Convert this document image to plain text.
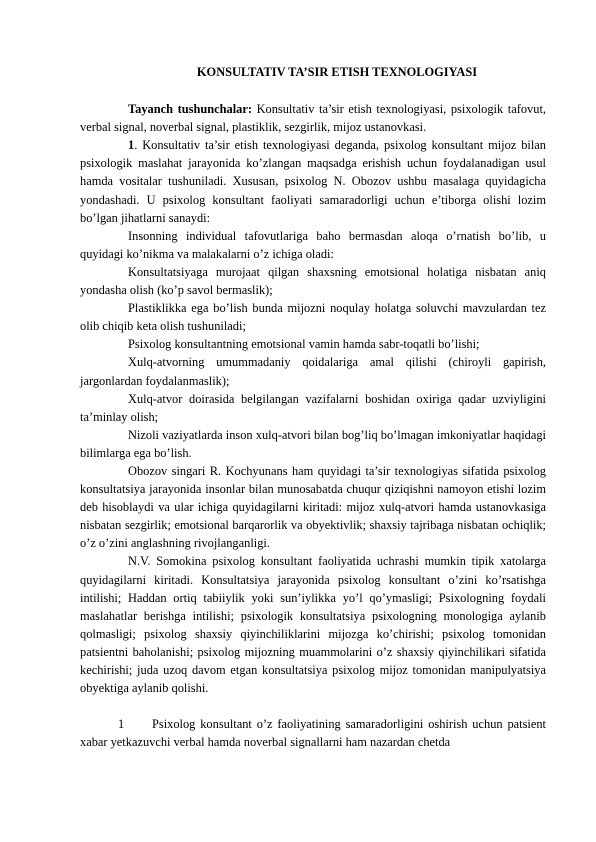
KONSULTATIV TA’SIR ETISH TEXNOLOGIYASI

Tayanch tushunchalar: Konsultativ ta’sir etish texnologiyasi, psixologik tafovut, verbal signal, noverbal signal, plastiklik, sezgirlik, mijoz ustanovkasi.

1. Konsultativ ta’sir etish texnologiyasi deganda, psixolog konsultant mijoz bilan psixologik maslahat jarayonida ko’zlangan maqsadga erishish uchun foydalanadigan usul hamda vositalar tushuniladi. Xususan, psixolog N. Obozov ushbu masalaga quyidagicha yondashadi. U psixolog konsultant faoliyati samaradorligi uchun e’tiborga olishi lozim bo’lgan jihatlarni sanaydi:

Insonning individual tafovutlariga baho bermasdan aloqa o’rnatish bo’lib, u quyidagi ko’nikma va malakalarni o’z ichiga oladi:

Konsultatsiyaga murojaat qilgan shaxsning emotsional holatiga nisbatan aniq yondasha olish (ko’p savol bermaslik);

Plastiklikka ega bo’lish bunda mijozni noqulay holatga soluvchi mavzulardan tez olib chiqib keta olish tushuniladi;

Psixolog konsultantning emotsional vamin hamda sabr-toqatli bo’lishi;

Xulq-atvorning umummadaniy qoidalariga amal qilishi (chiroyli gapirish, jargonlardan foydalanmaslik);

Xulq-atvor doirasida belgilangan vazifalarni boshidan oxiriga qadar uzviyligini ta’minlay olish;

Nizoli vaziyatlarda inson xulq-atvori bilan bog’liq bo’lmagan imkoniyatlar haqidagi bilimlarga ega bo’lish.

Obozov singari R. Kochyunans ham quyidagi ta’sir texnologiyas sifatida psixolog konsultatsiya jarayonida insonlar bilan munosabatda chuqur qiziqishni namoyon etishi lozim deb hisoblaydi va ular ichiga quyidagilarni kiritadi: mijoz xulq-atvori hamda ustanovkasiga nisbatan sezgirlik; emotsional barqarorlik va obyektivlik; shaxsiy tajribaga nisbatan ochiqlik; o’z o’zini anglashning rivojlanganligi.

N.V. Somokina psixolog konsultant faoliyatida uchrashi mumkin tipik xatolarga quyidagilarni kiritadi. Konsultatsiya jarayonida psixolog konsultant o’zini ko’rsatishga intilishi; Haddan ortiq tabiiylik yoki sun’iylikka yo’l qo’ymasligi; Psixologning foydali maslahatlar berishga intilishi; psixologik konsultatsiya psixologning monologiga aylanib qolmasligi; psixolog shaxsiy qiyinchiliklarini mijozga ko’chirishi; psixolog tomonidan patsientni baholanishi; psixolog mijozning muammolarini o’z shaxsiy qiyinchilikari sifatida kechirishi; juda uzoq davom etgan konsultatsiya psixolog mijoz tomonidan manipulyatsiya obyektiga aylanib qolishi.

1 Psixolog konsultant o’z faoliyatining samaradorligini oshirish uchun patsient xabar yetkazuvchi verbal hamda noverbal signallarni ham nazardan chetda
